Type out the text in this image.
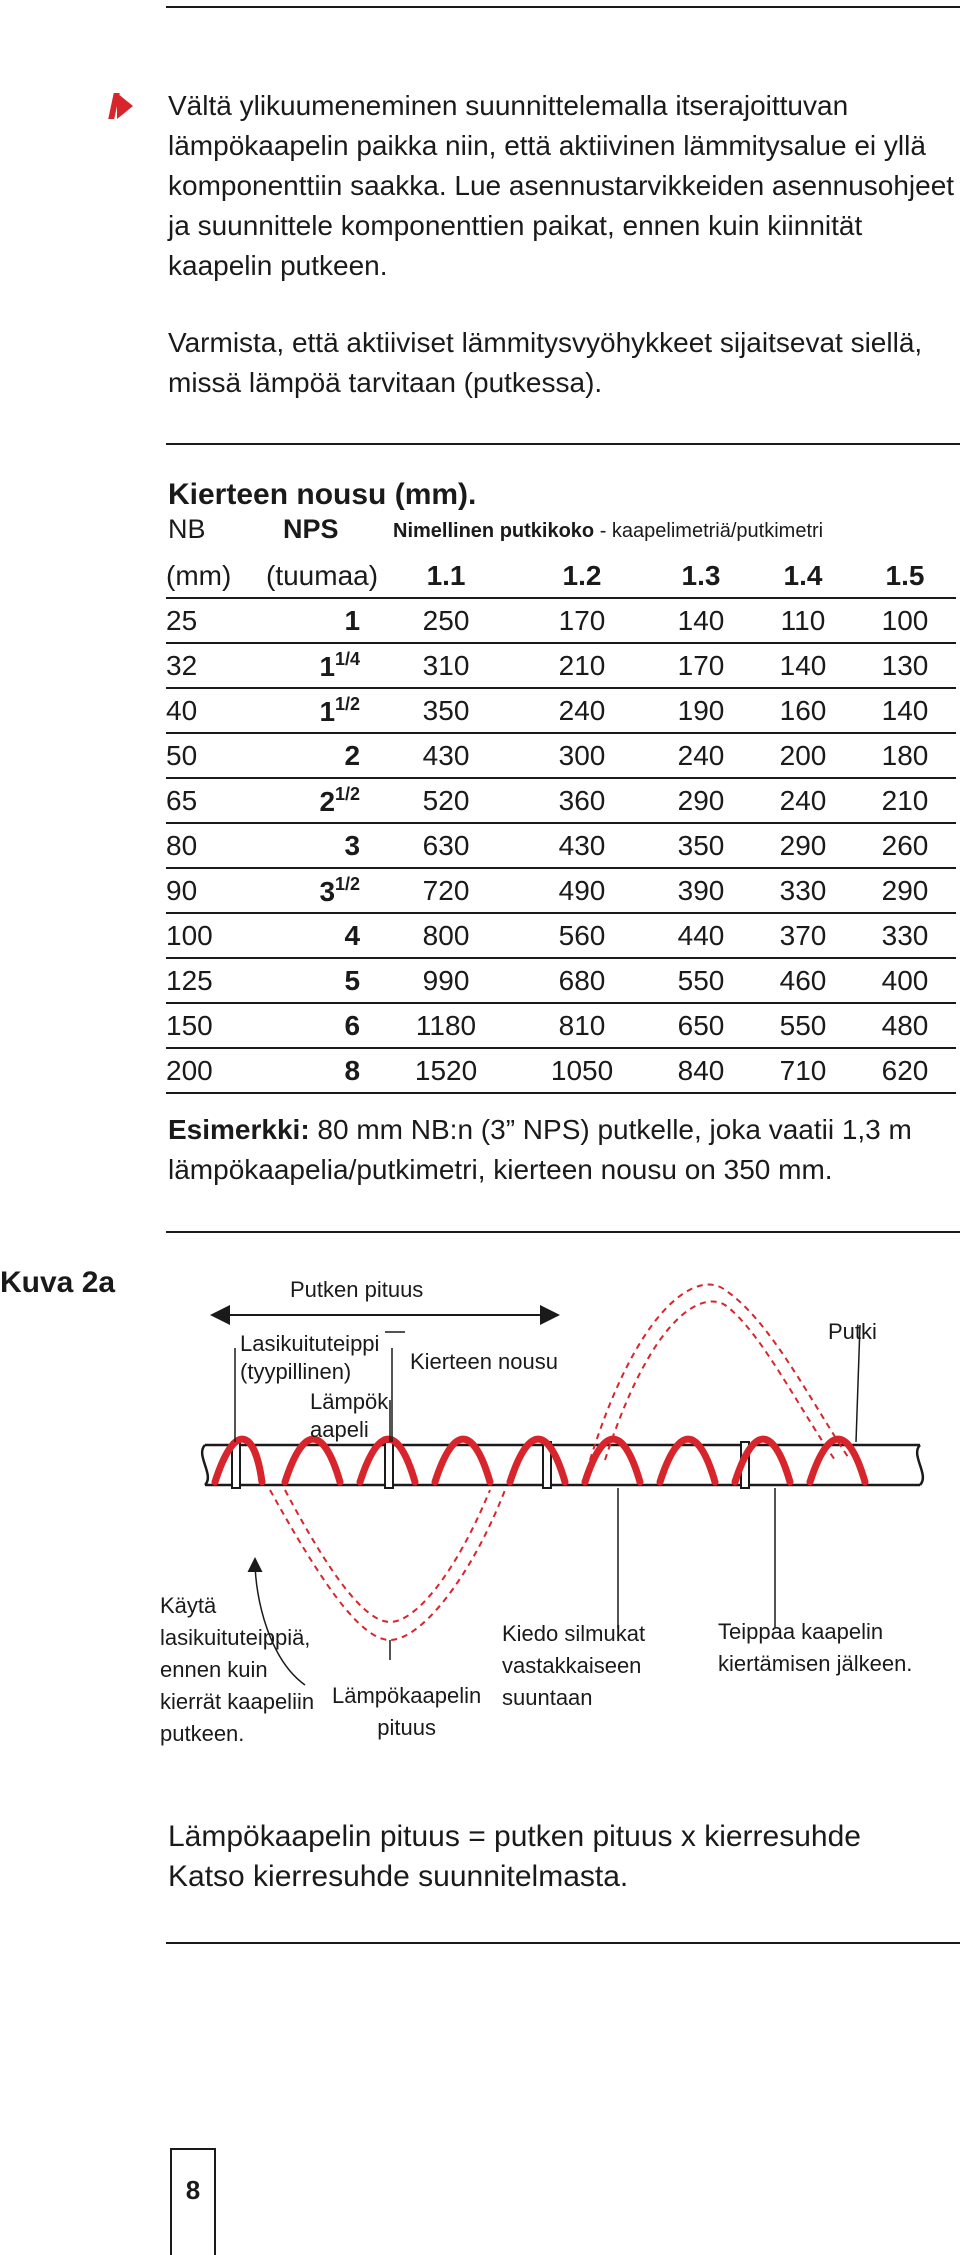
Vältä ylikuumeneminen suunnittelemalla itserajoittuvan lämpökaapelin paikka niin, että aktiivinen lämmitysalue ei yllä komponenttiin saakka. Lue asennustarvikkeiden asennusohjeet ja suunnittele komponenttien paikat, ennen kuin kiinnität kaapelin putkeen.
Varmista, että aktiiviset lämmitysvyöhykkeet sijaitsevat siellä, missä lämpöä tarvitaan (putkessa).
Kierteen nousu (mm).
NB	NPS	Nimellinen putkikoko - kaapelimetriä/putkimetri
(mm)	(tuumaa)	1.1	1.2	1.3	1.4	1.5
25	1	250	170	140	110	100
32	$1^{1/4}$	310	210	170	140	130
40	$1^{1/2}$	350	240	190	160	140
50	2	430	300	240	200	180
65	$2^{1/2}$	520	360	290	240	210
80	3	630	430	350	290	260
90	$3^{1/2}$	720	490	390	330	290
100	4	800	560	440	370	330
125	5	990	680	550	460	400
150	6	1180	810	650	550	480
200	8	1520	1050	840	710	620
Esimerkki: 80 mm NB:n (3” NPS) putkelle, joka vaatii 1,3 m lämpökaapelia/putkimetri, kierteen nousu on 350 mm.
Kuva 2a	Putken pituus
Lasikuituteippi
(tyypillinen)	Kierteen nousu
Lämpök
aapeli
Putki
Käytä
lasikuituteippiä,
ennen kuin
kierrät kaapeliin
putkeen.
Lämpökaapelin
pituus
Kiedo silmukat
vastakkaiseen
suuntaan
Teippaa kaapelin
kiertämisen jälkeen.
Lämpökaapelin pituus = putken pituus x kierresuhde
Katso kierresuhde suunnitelmasta.
8
